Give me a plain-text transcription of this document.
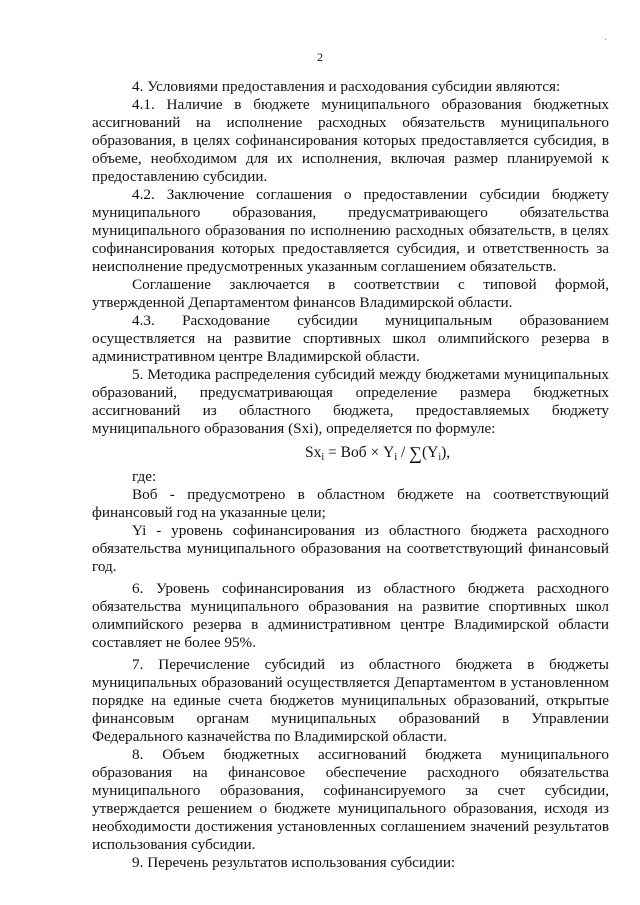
2
·

4. Условиями предоставления и расходования субсидии являются:

4.1. Наличие в бюджете муниципального образования бюджетных ассигнований на исполнение расходных обязательств муниципального образования, в целях софинансирования которых предоставляется субсидия, в объеме, необходимом для их исполнения, включая размер планируемой к предоставлению субсидии.

4.2. Заключение соглашения о предоставлении субсидии бюджету муниципального образования, предусматривающего обязательства муниципального образования по исполнению расходных обязательств, в целях софинансирования которых предоставляется субсидия, и ответственность за неисполнение предусмотренных указанным соглашением обязательств.

Соглашение заключается в соответствии с типовой формой, утвержденной Департаментом финансов Владимирской области.

4.3. Расходование субсидии муниципальным образованием осуществляется на развитие спортивных школ олимпийского резерва в административном центре Владимирской области.

5. Методика распределения субсидий между бюджетами муниципальных образований, предусматривающая определение размера бюджетных ассигнований из областного бюджета, предоставляемых бюджету муниципального образования (Sxi), определяется по формуле:

$Sx_i$ = Воб × $Y_i / \sum(Y_i)$,

где:

Воб - предусмотрено в областном бюджете на соответствующий финансовый год на указанные цели;

Yi - уровень софинансирования из областного бюджета расходного обязательства муниципального образования на соответствующий финансовый год.

6. Уровень софинансирования из областного бюджета расходного обязательства муниципального образования на развитие спортивных школ олимпийского резерва в административном центре Владимирской области составляет не более 95%.

7. Перечисление субсидий из областного бюджета в бюджеты муниципальных образований осуществляется Департаментом в установленном порядке на единые счета бюджетов муниципальных образований, открытые финансовым органам муниципальных образований в Управлении Федерального казначейства по Владимирской области.

8. Объем бюджетных ассигнований бюджета муниципального образования на финансовое обеспечение расходного обязательства муниципального образования, софинансируемого за счет субсидии, утверждается решением о бюджете муниципального образования, исходя из необходимости достижения установленных соглашением значений результатов использования субсидии.

9. Перечень результатов использования субсидии:
